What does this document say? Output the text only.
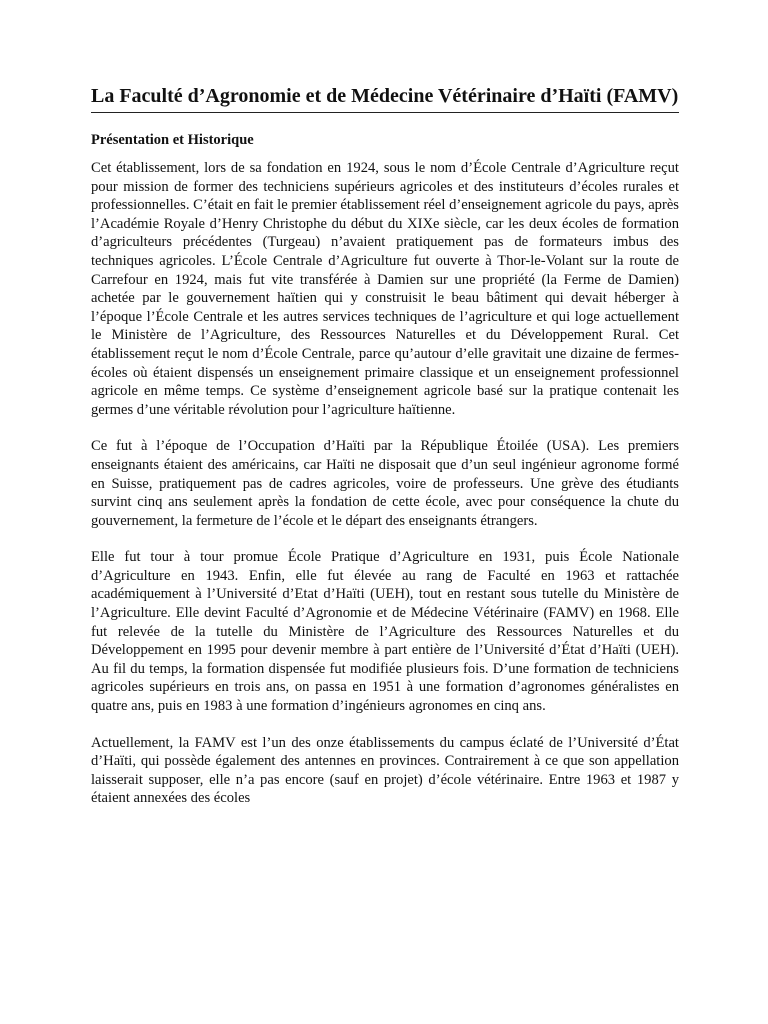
La Faculté d’Agronomie et de Médecine Vétérinaire d’Haïti (FAMV)
Présentation et Historique

Cet établissement, lors de sa fondation en 1924, sous le nom d’École Centrale d’Agriculture reçut pour mission de former des techniciens supérieurs agricoles et des instituteurs d’écoles rurales et professionnelles. C’était en fait le premier établissement réel d’enseignement agricole du pays, après l’Académie Royale d’Henry Christophe du début du XIXe siècle, car les deux écoles de formation d’agriculteurs précédentes (Turgeau) n’avaient pratiquement pas de formateurs imbus des techniques agricoles. L’École Centrale d’Agriculture fut ouverte à Thor-le-Volant sur la route de Carrefour en 1924, mais fut vite transférée à Damien sur une propriété (la Ferme de Damien) achetée par le gouvernement haïtien qui y construisit le beau bâtiment qui devait héberger à l’époque l’École Centrale et les autres services techniques de l’agriculture et qui loge actuellement le Ministère de l’Agriculture, des Ressources Naturelles et du Développement Rural. Cet établissement reçut le nom d’École Centrale, parce qu’autour d’elle gravitait une dizaine de fermes-écoles où étaient dispensés un enseignement primaire classique et un enseignement professionnel agricole en même temps. Ce système d’enseignement agricole basé sur la pratique contenait les germes d’une véritable révolution pour l’agriculture haïtienne.

Ce fut à l’époque de l’Occupation d’Haïti par la République Étoilée (USA). Les premiers enseignants étaient des américains, car Haïti ne disposait que d’un seul ingénieur agronome formé en Suisse, pratiquement pas de cadres agricoles, voire de professeurs. Une grève des étudiants survint cinq ans seulement après la fondation de cette école, avec pour conséquence la chute du gouvernement, la fermeture de l’école et le départ des enseignants étrangers.

Elle fut tour à tour promue École Pratique d’Agriculture en 1931, puis École Nationale d’Agriculture en 1943. Enfin, elle fut élevée au rang de Faculté en 1963 et rattachée académiquement à l’Université d’Etat d’Haïti (UEH), tout en restant sous tutelle du Ministère de l’Agriculture. Elle devint Faculté d’Agronomie et de Médecine Vétérinaire (FAMV) en 1968. Elle fut relevée de la tutelle du Ministère de l’Agriculture des Ressources Naturelles et du Développement en 1995 pour devenir membre à part entière de l’Université d’État d’Haïti (UEH). Au fil du temps, la formation dispensée fut modifiée plusieurs fois. D’une formation de techniciens agricoles supérieurs en trois ans, on passa en 1951 à une formation d’agronomes généralistes en quatre ans, puis en 1983 à une formation d’ingénieurs agronomes en cinq ans.

Actuellement, la FAMV est l’un des onze établissements du campus éclaté de l’Université d’État d’Haïti, qui possède également des antennes en provinces. Contrairement à ce que son appellation laisserait supposer, elle n’a pas encore (sauf en projet) d’école vétérinaire. Entre 1963 et 1987 y étaient annexées des écoles
